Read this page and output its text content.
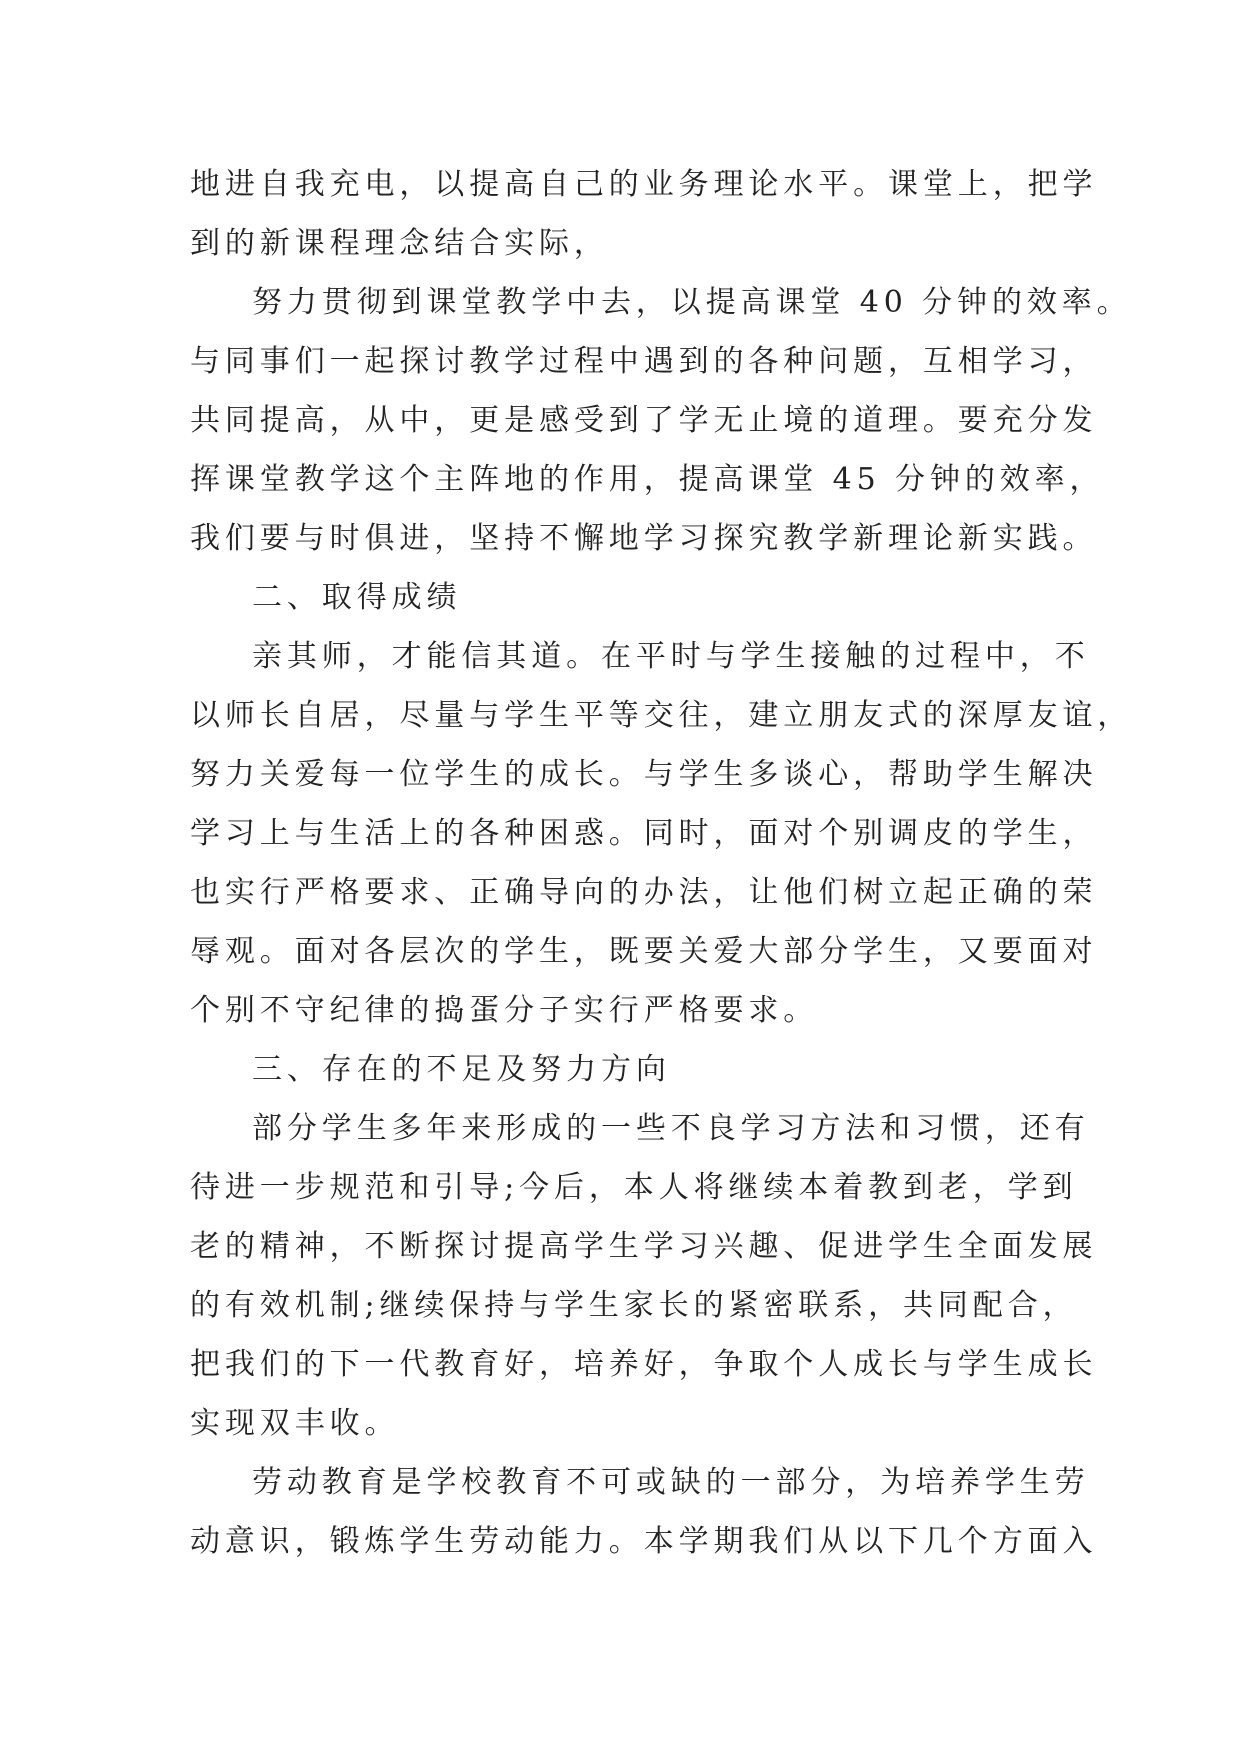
地进自我充电，以提高自己的业务理论水平。课堂上，把学
到的新课程理念结合实际，
努力贯彻到课堂教学中去，以提高课堂 40 分钟的效率。
与同事们一起探讨教学过程中遇到的各种问题，互相学习，
共同提高，从中，更是感受到了学无止境的道理。要充分发
挥课堂教学这个主阵地的作用，提高课堂 45 分钟的效率，
我们要与时俱进，坚持不懈地学习探究教学新理论新实践。
二、取得成绩
亲其师，才能信其道。在平时与学生接触的过程中，不
以师长自居，尽量与学生平等交往，建立朋友式的深厚友谊，
努力关爱每一位学生的成长。与学生多谈心，帮助学生解决
学习上与生活上的各种困惑。同时，面对个别调皮的学生，
也实行严格要求、正确导向的办法，让他们树立起正确的荣
辱观。面对各层次的学生，既要关爱大部分学生，又要面对
个别不守纪律的捣蛋分子实行严格要求。
三、存在的不足及努力方向
部分学生多年来形成的一些不良学习方法和习惯，还有
待进一步规范和引导;今后，本人将继续本着教到老，学到
老的精神，不断探讨提高学生学习兴趣、促进学生全面发展
的有效机制;继续保持与学生家长的紧密联系，共同配合，
把我们的下一代教育好，培养好，争取个人成长与学生成长
实现双丰收。
劳动教育是学校教育不可或缺的一部分，为培养学生劳
动意识，锻炼学生劳动能力。本学期我们从以下几个方面入
